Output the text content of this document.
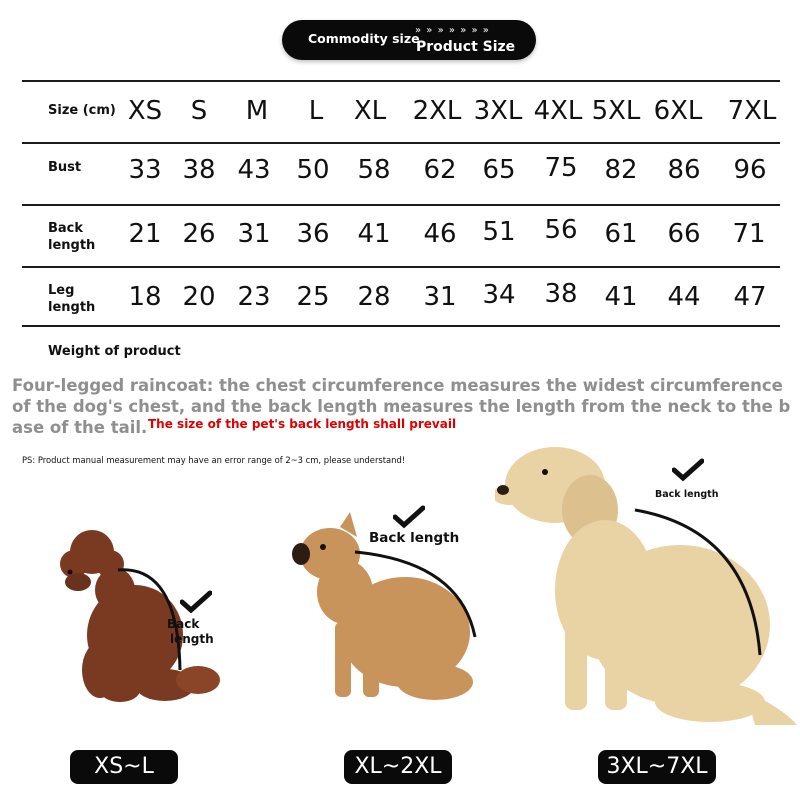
Commodity size
» » » » » » »
Product Size
Size (cm) XS	S	M	L	XL	2XL 3XL 4XL 5XL 6XL 7XL
Bust	33 38 43 50	58	62 65	75	82	86	96
Back
length	21 26 31 36	41	46 51	56	61	66	71
Leg
length	18 20 23 25	28	31 34	38	41	44	47
Weight of product
Four-legged raincoat: the chest circumference measures the widest circumference of the dog's chest, and the back length measures the length from the neck to the base of the tail. The size of the pet's back length shall prevail
PS: Product manual measurement may have an error range of 2~3 cm, please understand!
Back
length
Back length
Back length
XS~L	XL~2XL	3XL~7XL
